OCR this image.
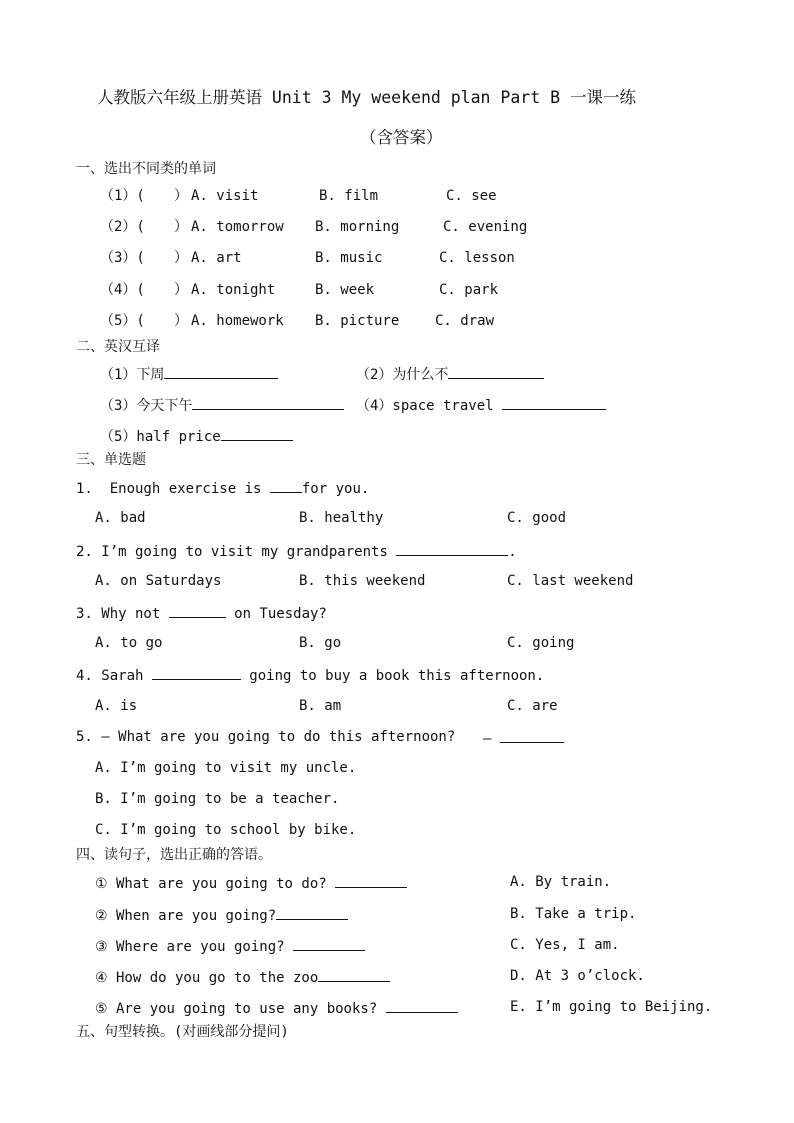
人教版六年级上册英语 Unit 3 My weekend plan Part B 一课一练
（含答案）
一、选出不同类的单词
（1）( ） A. visit	B. film	C. see
（2）( ） A. tomorrow B. morning	C. evening
（3）( ） A. art	B. music	C. lesson
（4）( ） A. tonight	B. week	C. park
（5）( ） A. homework B. picture	C. draw
二、英汉互译
（1）下周	（2）为什么不
（3）今天下午	（4）space travel
（5）half price
三、单选题
1.  Enough exercise is for you.
A. bad	B. healthy	C. good
2. I’m going to visit my grandparents	.
A. on Saturdays	B. this weekend	C. last weekend
3. Why not	on Tuesday?
A. to go	B. go	C. going
4. Sarah	going to buy a book this afternoon.
A. is	B. am	C. are
5. — What are you going to do this afternoon? —
A. I’m going to visit my uncle.
B. I’m going to be a teacher.
C. I’m going to school by bike.
四、读句子，选出正确的答语。
① What are you going to do?	A. By train.
② When are you going?	B. Take a trip.
③ Where are you going?	C. Yes, I am.
④ How do you go to the zoo	D. At 3 o’clock.
⑤ Are you going to use any books?	E. I’m going to Beijing.
五、句型转换。(对画线部分提问)
